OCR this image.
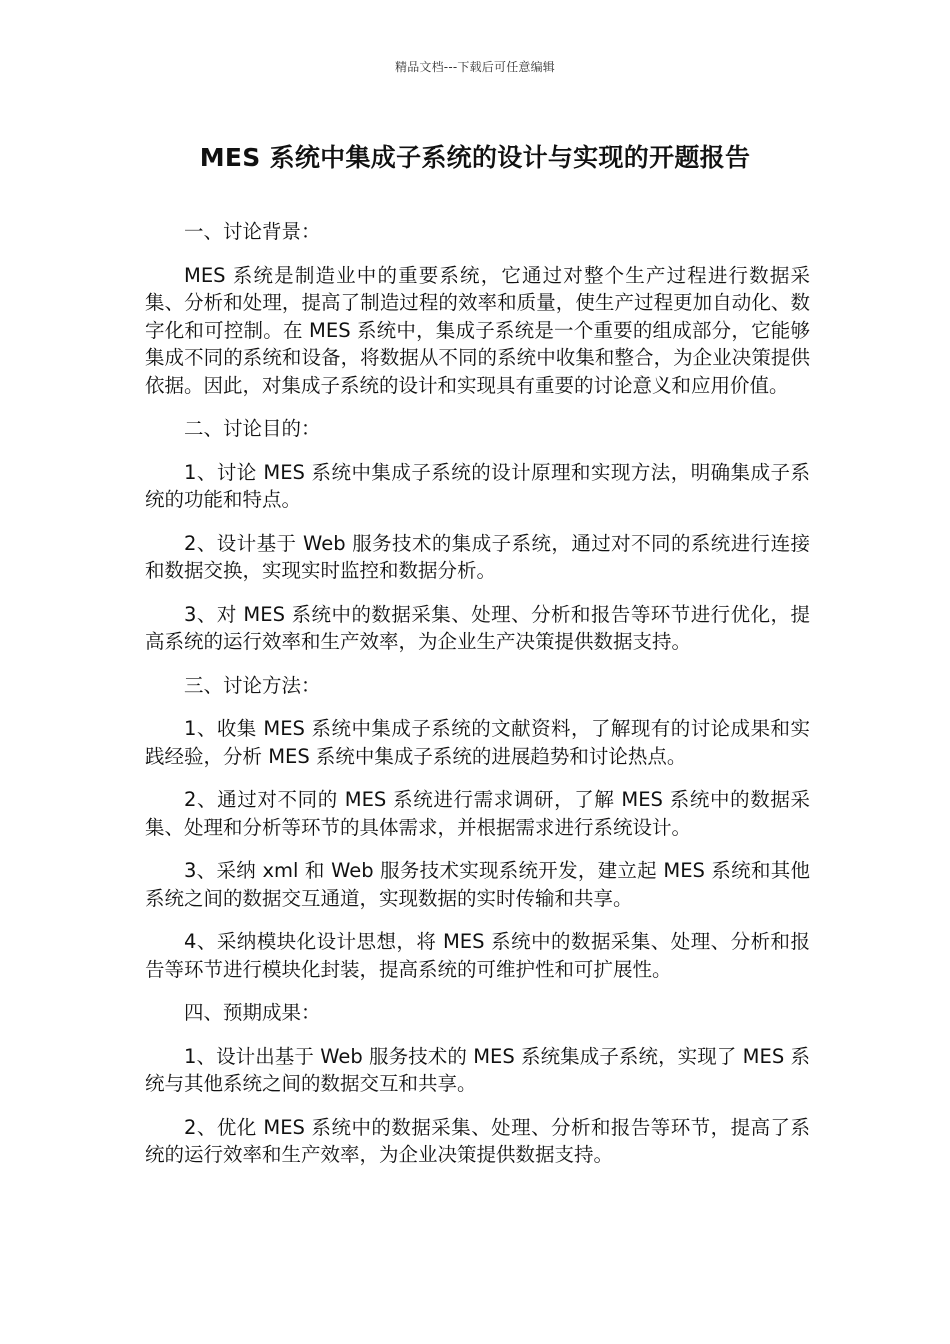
精品文档---下载后可任意编辑
MES 系统中集成子系统的设计与实现的开题报告

一、讨论背景：

MES 系统是制造业中的重要系统，它通过对整个生产过程进行数据采集、分析和处理，提高了制造过程的效率和质量，使生产过程更加自动化、数字化和可控制。在 MES 系统中，集成子系统是一个重要的组成部分，它能够集成不同的系统和设备，将数据从不同的系统中收集和整合，为企业决策提供依据。因此，对集成子系统的设计和实现具有重要的讨论意义和应用价值。

二、讨论目的：

1、讨论 MES 系统中集成子系统的设计原理和实现方法，明确集成子系统的功能和特点。

2、设计基于 Web 服务技术的集成子系统，通过对不同的系统进行连接和数据交换，实现实时监控和数据分析。

3、对 MES 系统中的数据采集、处理、分析和报告等环节进行优化，提高系统的运行效率和生产效率，为企业生产决策提供数据支持。

三、讨论方法：

1、收集 MES 系统中集成子系统的文献资料，了解现有的讨论成果和实践经验，分析 MES 系统中集成子系统的进展趋势和讨论热点。

2、通过对不同的 MES 系统进行需求调研，了解 MES 系统中的数据采集、处理和分析等环节的具体需求，并根据需求进行系统设计。

3、采纳 xml 和 Web 服务技术实现系统开发，建立起 MES 系统和其他系统之间的数据交互通道，实现数据的实时传输和共享。

4、采纳模块化设计思想，将 MES 系统中的数据采集、处理、分析和报告等环节进行模块化封装，提高系统的可维护性和可扩展性。

四、预期成果：

1、设计出基于 Web 服务技术的 MES 系统集成子系统，实现了 MES 系统与其他系统之间的数据交互和共享。

2、优化 MES 系统中的数据采集、处理、分析和报告等环节，提高了系统的运行效率和生产效率，为企业决策提供数据支持。
